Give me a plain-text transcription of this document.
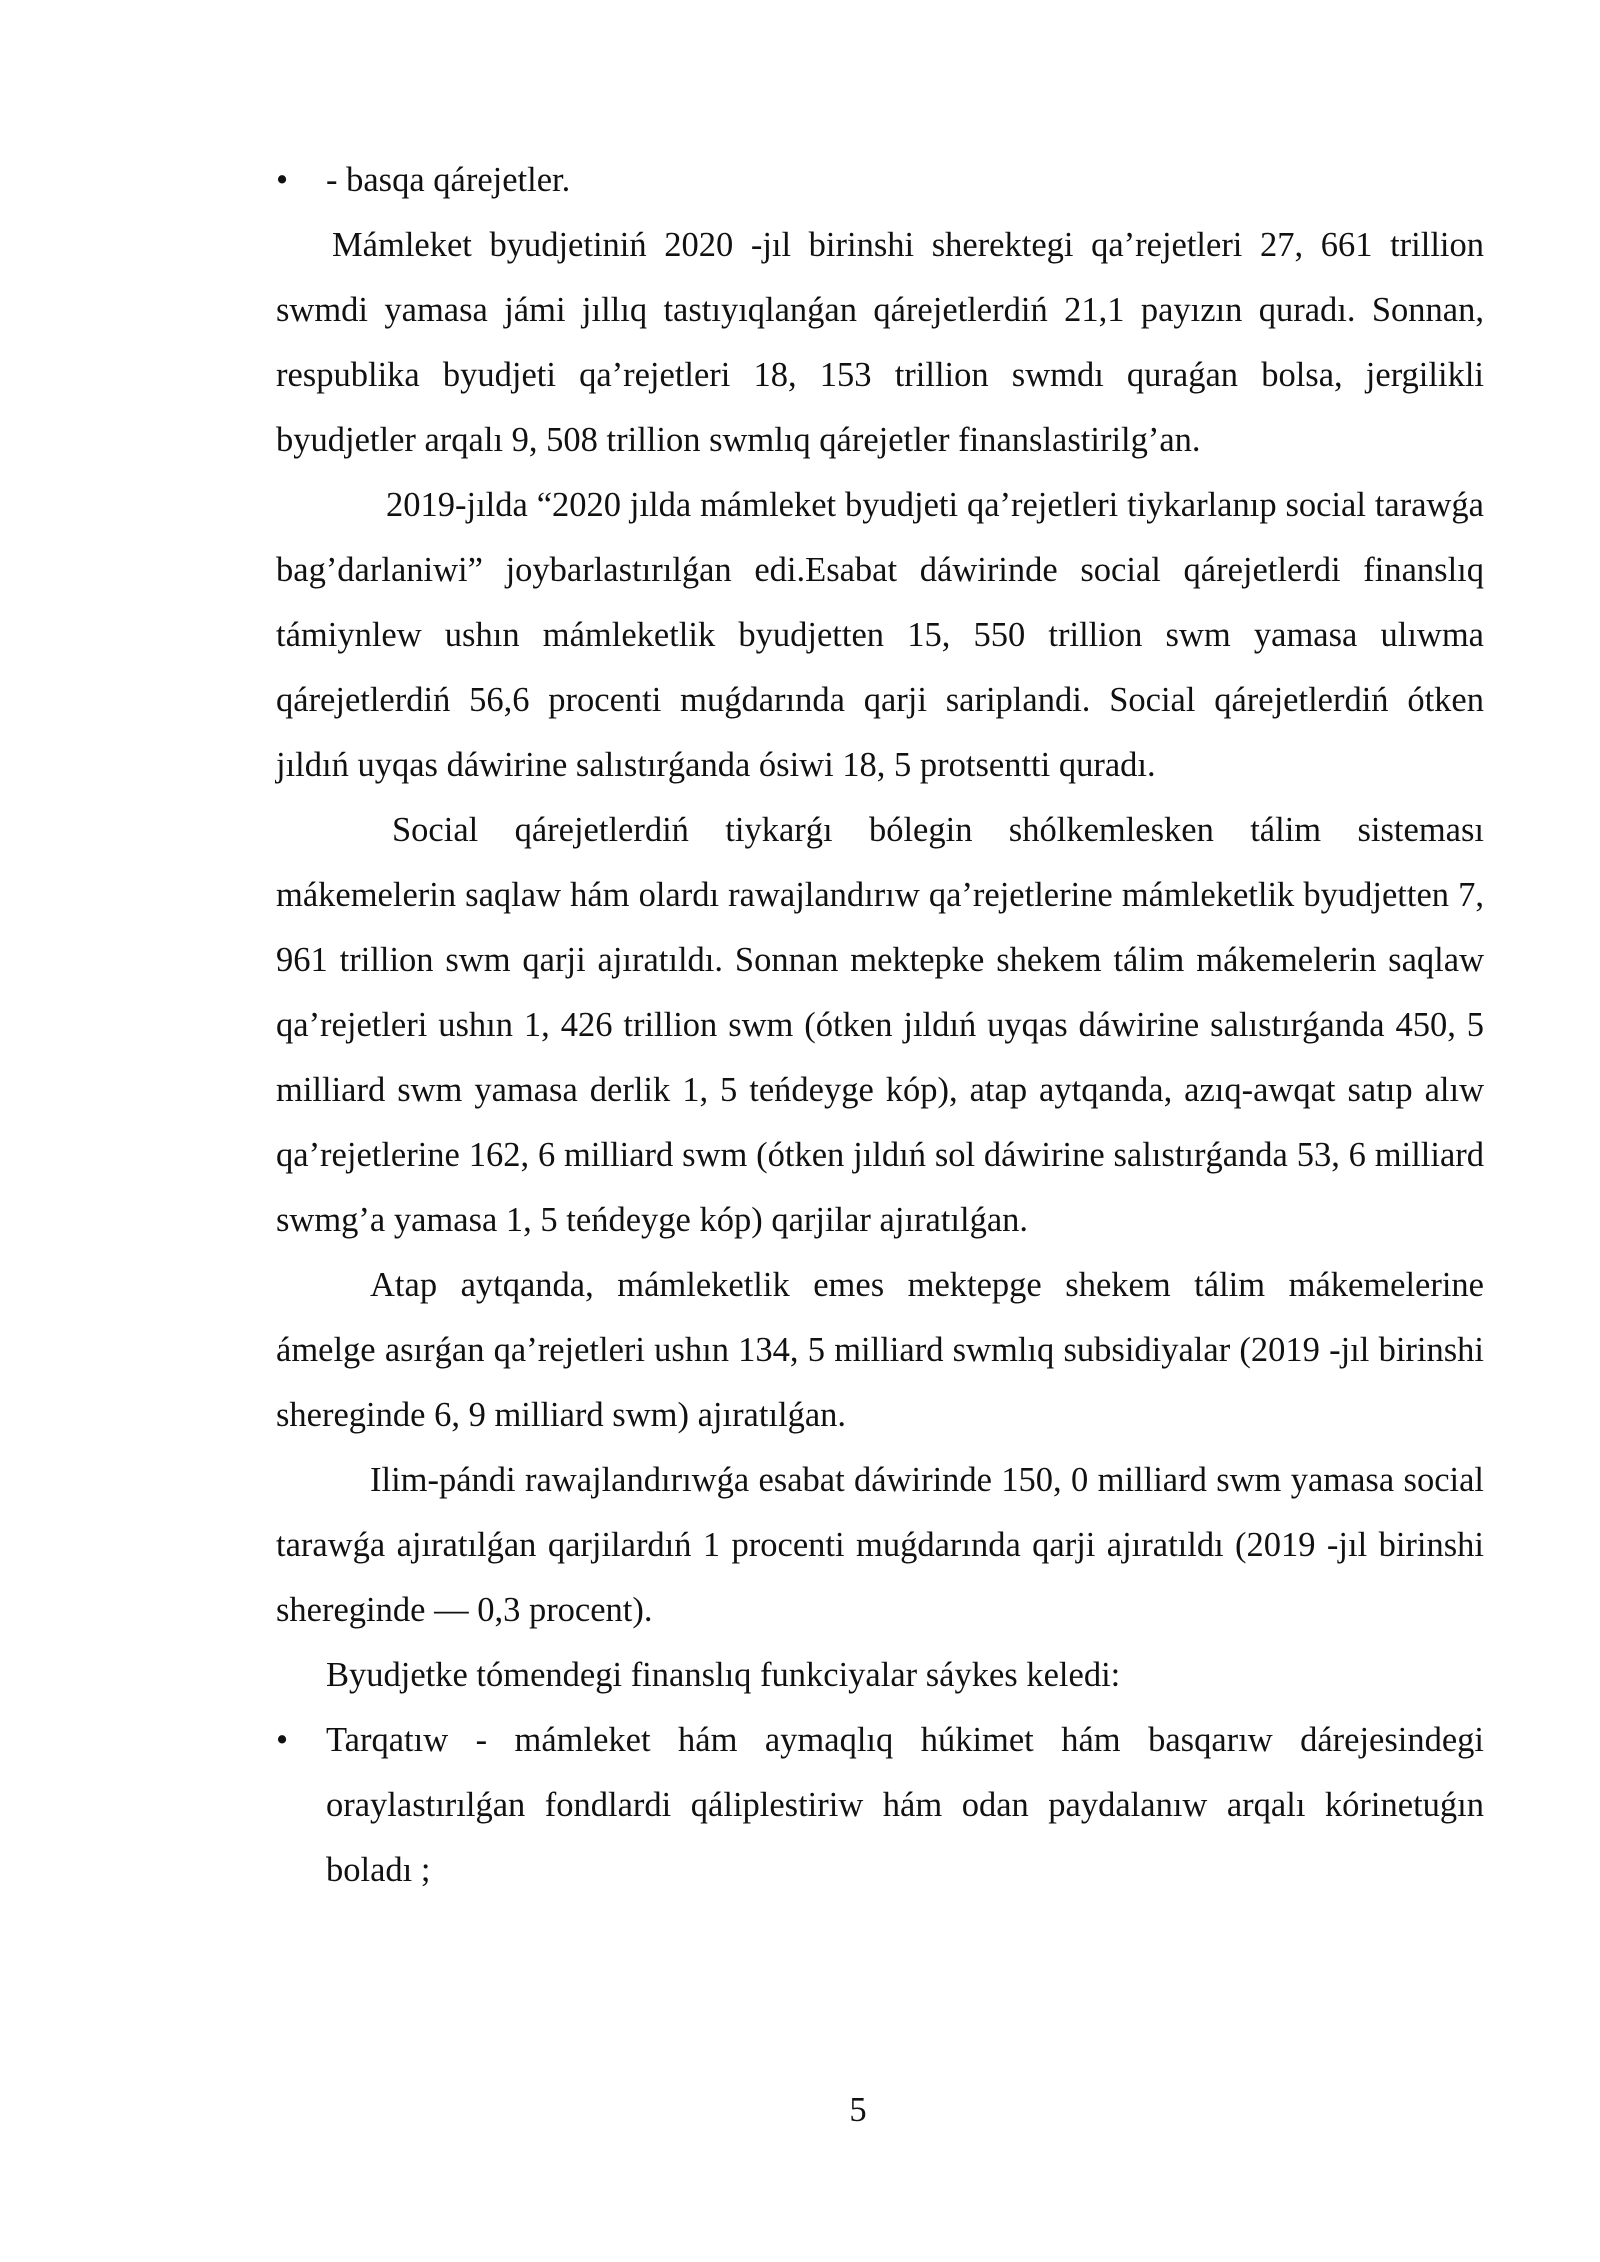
•	- basqa qárejetler.

Mámleket byudjetiniń 2020 -jıl birinshi sherektegi qa’rejetleri 27, 661 trillion swmdi yamasa jámi jıllıq tastıyıqlanǵan qárejetlerdiń 21,1 payızın quradı. Sonnan, respublika byudjeti qa’rejetleri 18, 153 trillion swmdı quraǵan bolsa, jergilikli byudjetler arqalı 9, 508 trillion swmlıq qárejetler finanslastirilg’an.

2019-jılda “2020 jılda mámleket byudjeti qa’rejetleri tiykarlanıp social tarawǵa bag’darlaniwi” joybarlastırılǵan edi.Esabat dáwirinde social qárejetlerdi finanslıq támiynlew ushın mámleketlik byudjetten 15, 550 trillion swm yamasa ulıwma qárejetlerdiń 56,6 procenti muǵdarında qarji sariplandi. Social qárejetlerdiń ótken jıldıń uyqas dáwirine salıstırǵanda ósiwi 18, 5 protsentti quradı.

Social qárejetlerdiń tiykarǵı bólegin shólkemlesken tálim sisteması mákemelerin saqlaw hám olardı rawajlandırıw qa’rejetlerine mámleketlik byudjetten 7, 961 trillion swm qarji ajıratıldı. Sonnan mektepke shekem tálim mákemelerin saqlaw qa’rejetleri ushın 1, 426 trillion swm (ótken jıldıń uyqas dáwirine salıstırǵanda 450, 5 milliard swm yamasa derlik 1, 5 teńdeyge kóp), atap aytqanda, azıq-awqat satıp alıw qa’rejetlerine 162, 6 milliard swm (ótken jıldıń sol dáwirine salıstırǵanda 53, 6 milliard swmg’a yamasa 1, 5 teńdeyge kóp) qarjilar ajıratılǵan.

Atap aytqanda, mámleketlik emes mektepge shekem tálim mákemelerine ámelge asırǵan qa’rejetleri ushın 134, 5 milliard swmlıq subsidiyalar (2019 -jıl birinshi shereginde 6, 9 milliard swm) ajıratılǵan.

Ilim-pándi rawajlandırıwǵa esabat dáwirinde 150, 0 milliard swm yamasa social tarawǵa ajıratılǵan qarjilardıń 1 procenti muǵdarında qarji ajıratıldı (2019 -jıl birinshi shereginde — 0,3 procent).

Byudjetke tómendegi finanslıq funkciyalar sáykes keledi:

•	Tarqatıw - mámleket hám aymaqlıq húkimet hám basqarıw dárejesindegi oraylastırılǵan fondlardi qáliplestiriw hám odan paydalanıw arqalı kórinetuǵın boladı ;
5
